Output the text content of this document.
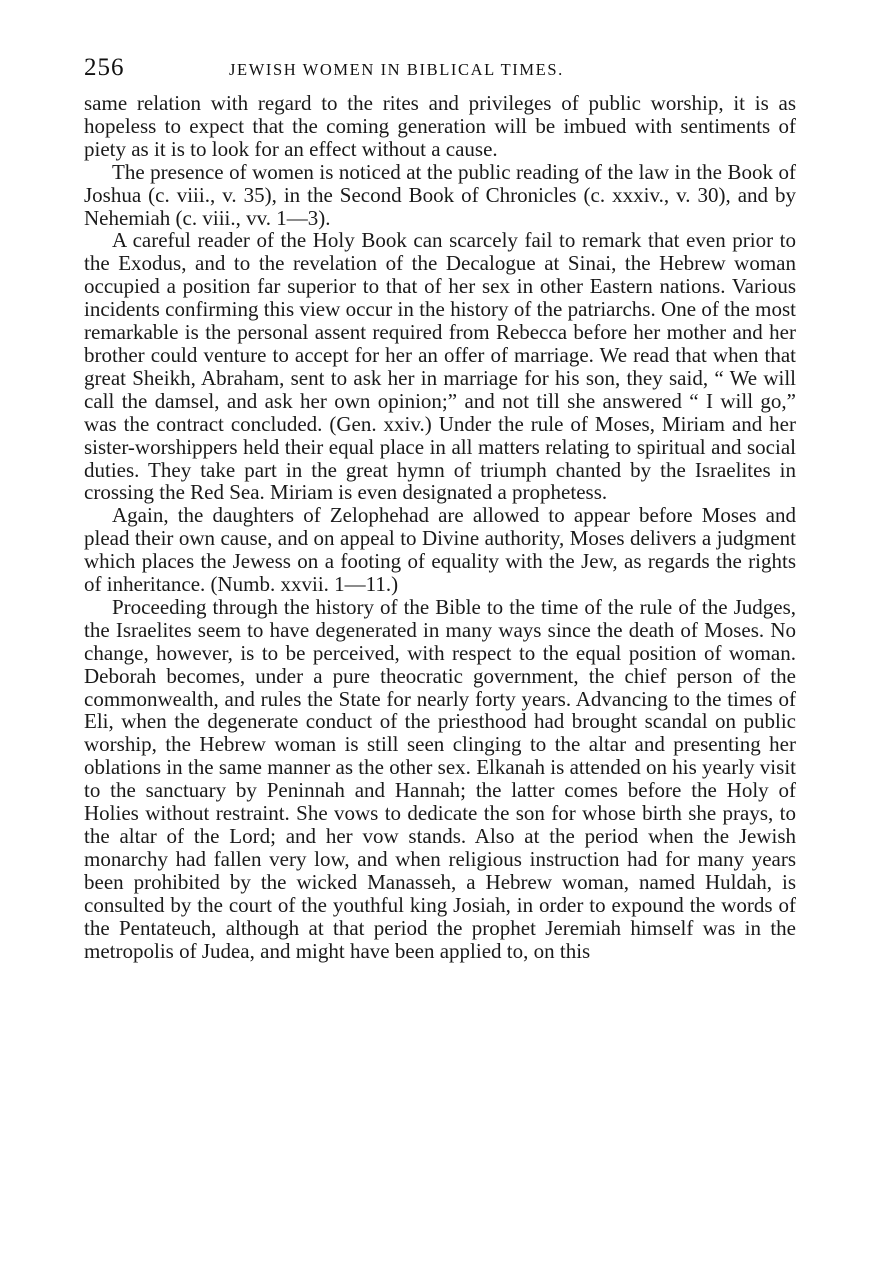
256	JEWISH WOMEN IN BIBLICAL TIMES.

same relation with regard to the rites and privileges of public worship, it is as hopeless to expect that the coming generation will be imbued with sentiments of piety as it is to look for an effect without a cause.

The presence of women is noticed at the public reading of the law in the Book of Joshua (c. viii., v. 35), in the Second Book of Chronicles (c. xxxiv., v. 30), and by Nehemiah (c. viii., vv. 1—3).

A careful reader of the Holy Book can scarcely fail to remark that even prior to the Exodus, and to the revelation of the Decalogue at Sinai, the Hebrew woman occupied a position far superior to that of her sex in other Eastern nations. Various incidents confirming this view occur in the history of the patriarchs. One of the most remarkable is the personal assent required from Rebecca before her mother and her brother could venture to accept for her an offer of marriage. We read that when that great Sheikh, Abraham, sent to ask her in marriage for his son, they said, “ We will call the damsel, and ask her own opinion;” and not till she answered “ I will go,” was the contract concluded. (Gen. xxiv.) Under the rule of Moses, Miriam and her sister-worshippers held their equal place in all matters relating to spiritual and social duties. They take part in the great hymn of triumph chanted by the Israelites in crossing the Red Sea. Miriam is even designated a prophetess.

Again, the daughters of Zelophehad are allowed to appear before Moses and plead their own cause, and on appeal to Divine authority, Moses delivers a judgment which places the Jewess on a footing of equality with the Jew, as regards the rights of inheritance. (Numb. xxvii. 1—11.)

Proceeding through the history of the Bible to the time of the rule of the Judges, the Israelites seem to have degenerated in many ways since the death of Moses. No change, however, is to be perceived, with respect to the equal position of woman. Deborah becomes, under a pure theocratic government, the chief person of the commonwealth, and rules the State for nearly forty years. Advancing to the times of Eli, when the degenerate conduct of the priesthood had brought scandal on public worship, the Hebrew woman is still seen clinging to the altar and presenting her oblations in the same manner as the other sex. Elkanah is attended on his yearly visit to the sanctuary by Peninnah and Hannah; the latter comes before the Holy of Holies without restraint. She vows to dedicate the son for whose birth she prays, to the altar of the Lord; and her vow stands. Also at the period when the Jewish monarchy had fallen very low, and when religious instruction had for many years been prohibited by the wicked Manasseh, a Hebrew woman, named Huldah, is consulted by the court of the youthful king Josiah, in order to expound the words of the Pentateuch, although at that period the prophet Jeremiah himself was in the metropolis of Judea, and might have been applied to, on this
